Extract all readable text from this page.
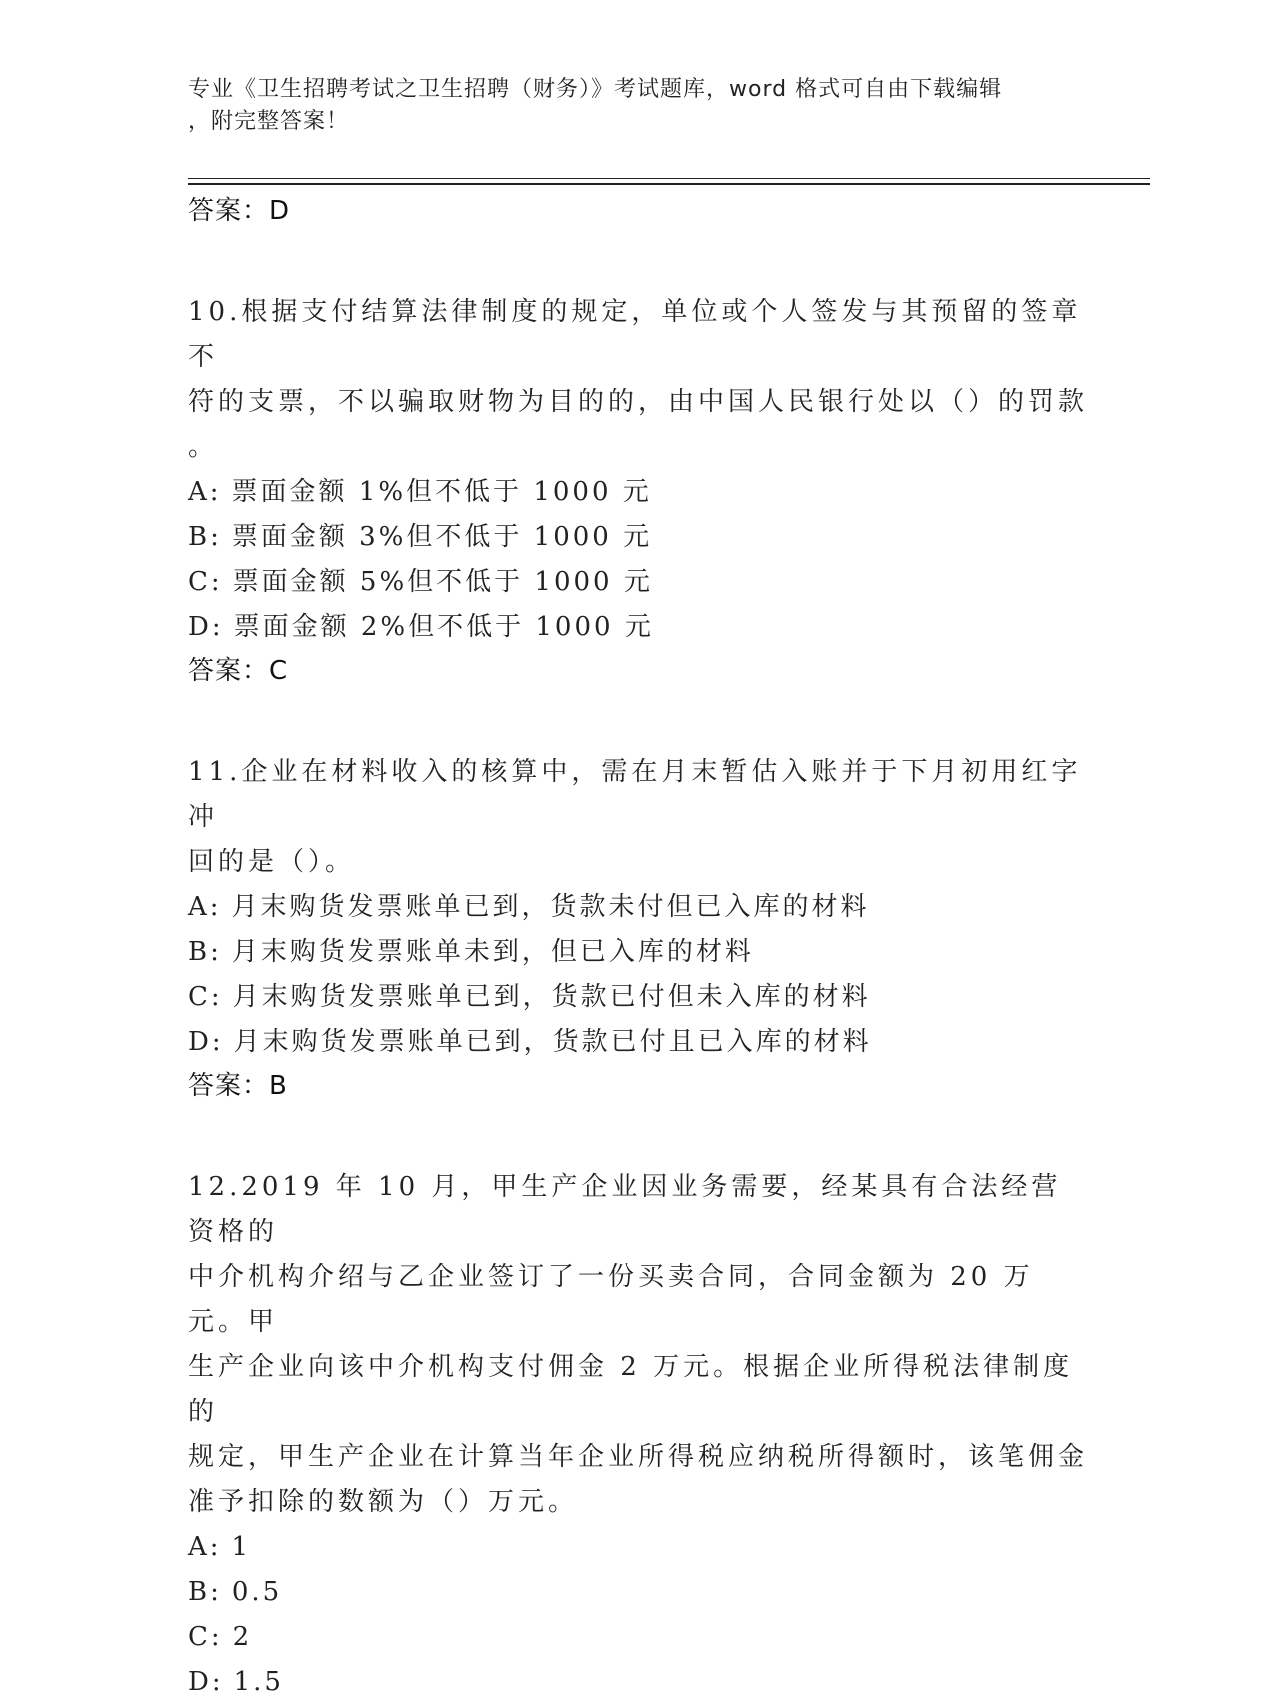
专业《卫生招聘考试之卫生招聘（财务）》考试题库，word 格式可自由下载编辑
，附完整答案！

答案：D

10.根据支付结算法律制度的规定，单位或个人签发与其预留的签章不

符的支票，不以骗取财物为目的的，由中国人民银行处以（）的罚款

。

A: 票面金额 1%但不低于 1000 元

B: 票面金额 3%但不低于 1000 元

C: 票面金额 5%但不低于 1000 元

D: 票面金额 2%但不低于 1000 元

答案：C

11.企业在材料收入的核算中，需在月末暂估入账并于下月初用红字冲

回的是（）。

A: 月末购货发票账单已到，货款未付但已入库的材料

B: 月末购货发票账单未到，但已入库的材料

C: 月末购货发票账单已到，货款已付但未入库的材料

D: 月末购货发票账单已到，货款已付且已入库的材料

答案：B

12.2019 年 10 月，甲生产企业因业务需要，经某具有合法经营资格的

中介机构介绍与乙企业签订了一份买卖合同，合同金额为 20 万元。甲

生产企业向该中介机构支付佣金 2 万元。根据企业所得税法律制度的

规定，甲生产企业在计算当年企业所得税应纳税所得额时，该笔佣金

准予扣除的数额为（）万元。

A: 1

B: 0.5

C: 2

D: 1.5
